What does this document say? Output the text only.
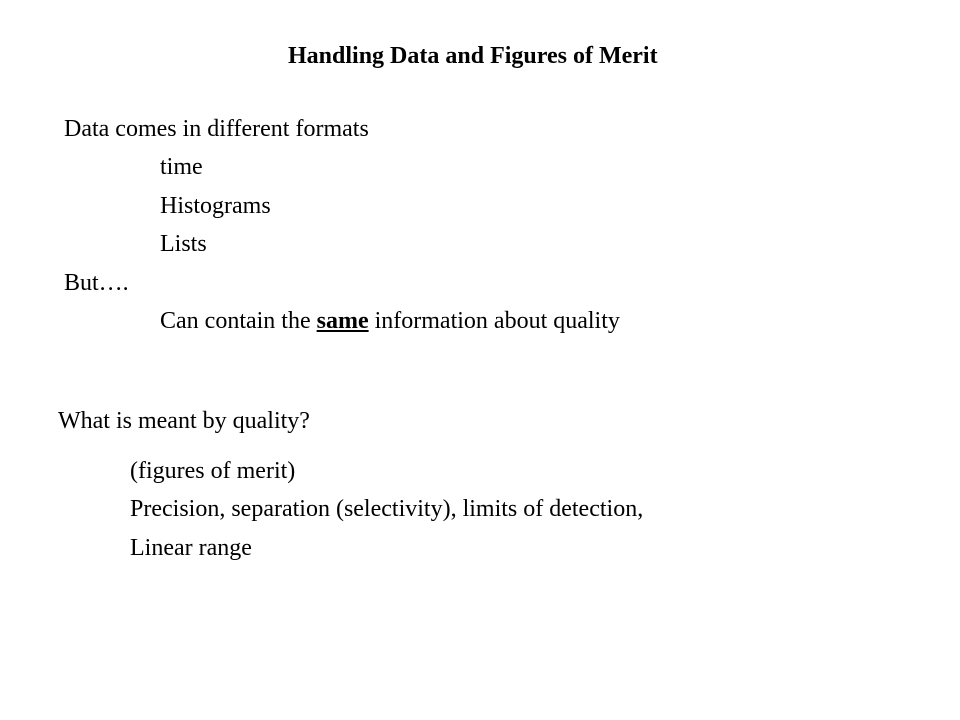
Handling Data and Figures of Merit
Data comes in different formats
time
Histograms
Lists
But….
Can contain the same information about quality
What is meant by quality?
(figures of merit)
Precision, separation (selectivity), limits of detection,
Linear range
